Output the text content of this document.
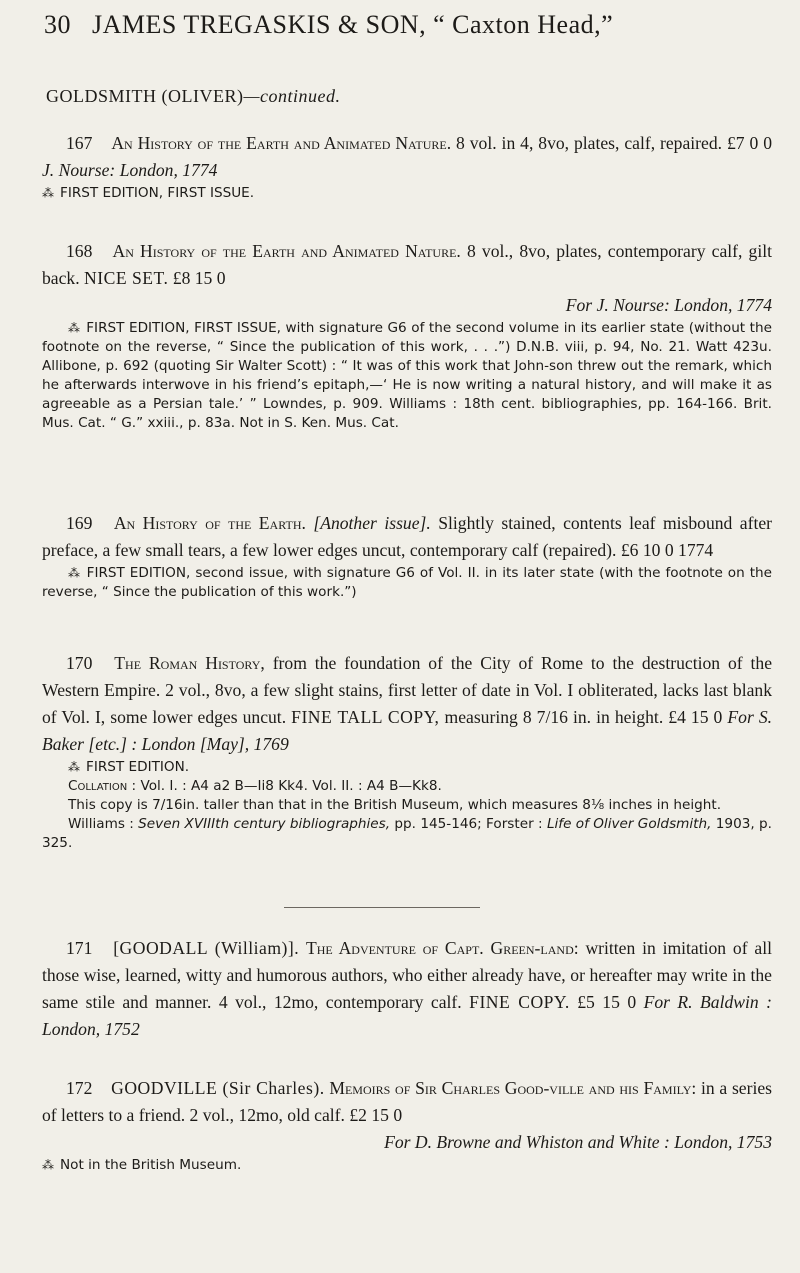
30 JAMES TREGASKIS & SON, “ Caxton Head,”
GOLDSMITH (OLIVER)—continued.

167 An History of the Earth and Animated Nature. 8 vol. in 4, 8vo, plates, calf, repaired. £7 0 0 J. Nourse: London, 1774

⁂ FIRST EDITION, FIRST ISSUE.

168 An History of the Earth and Animated Nature. 8 vol., 8vo, plates, contemporary calf, gilt back. NICE SET. £8 15 0

For J. Nourse: London, 1774

⁂ FIRST EDITION, FIRST ISSUE, with signature G6 of the second volume in its earlier state (without the footnote on the reverse, “ Since the publication of this work, . . .”) D.N.B. viii, p. 94, No. 21. Watt 423u. Allibone, p. 692 (quoting Sir Walter Scott) : “ It was of this work that John-son threw out the remark, which he afterwards interwove in his friend’s epitaph,—‘ He is now writing a natural history, and will make it as agreeable as a Persian tale.’ ” Lowndes, p. 909. Williams : 18th cent. bibliographies, pp. 164-166. Brit. Mus. Cat. “ G.” xxiii., p. 83a. Not in S. Ken. Mus. Cat.

169 An History of the Earth. [Another issue]. Slightly stained, contents leaf misbound after preface, a few small tears, a few lower edges uncut, contemporary calf (repaired). £6 10 0 1774

⁂ FIRST EDITION, second issue, with signature G6 of Vol. II. in its later state (with the footnote on the reverse, “ Since the publication of this work.”)

170 The Roman History, from the foundation of the City of Rome to the destruction of the Western Empire. 2 vol., 8vo, a few slight stains, first letter of date in Vol. I obliterated, lacks last blank of Vol. I, some lower edges uncut. FINE TALL COPY, measuring 8 7/16 in. in height. £4 15 0 For S. Baker [etc.] : London [May], 1769

⁂ FIRST EDITION.

Collation : Vol. I. : A4 a2 B—Ii8 Kk4. Vol. II. : A4 B—Kk8.

This copy is 7/16in. taller than that in the British Museum, which measures 8⅛ inches in height.

Williams : Seven XVIIIth century bibliographies, pp. 145-146; Forster : Life of Oliver Goldsmith, 1903, p. 325.

171 [GOODALL (William)]. The Adventure of Capt. Green-land: written in imitation of all those wise, learned, witty and humorous authors, who either already have, or hereafter may write in the same stile and manner. 4 vol., 12mo, contemporary calf. FINE COPY. £5 15 0 For R. Baldwin : London, 1752

172 GOODVILLE (Sir Charles). Memoirs of Sir Charles Good-ville and his Family: in a series of letters to a friend. 2 vol., 12mo, old calf. £2 15 0

For D. Browne and Whiston and White : London, 1753

⁂ Not in the British Museum.
